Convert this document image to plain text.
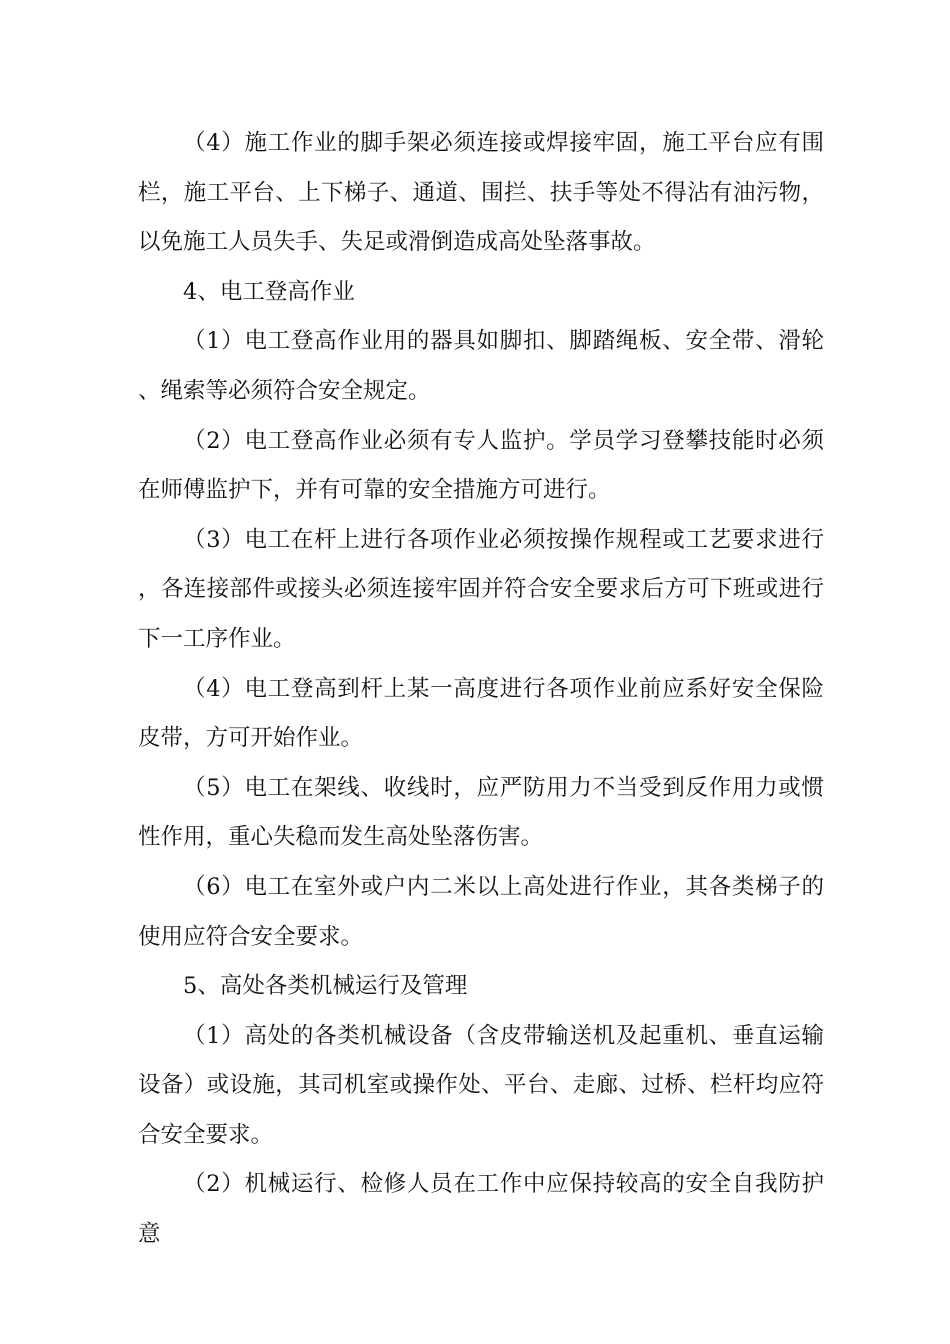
（4）施工作业的脚手架必须连接或焊接牢固，施工平台应有围栏，施工平台、上下梯子、通道、围拦、扶手等处不得沾有油污物，以免施工人员失手、失足或滑倒造成高处坠落事故。

4、电工登高作业

（1）电工登高作业用的器具如脚扣、脚踏绳板、安全带、滑轮、绳索等必须符合安全规定。

（2）电工登高作业必须有专人监护。学员学习登攀技能时必须在师傅监护下，并有可靠的安全措施方可进行。

（3）电工在杆上进行各项作业必须按操作规程或工艺要求进行，各连接部件或接头必须连接牢固并符合安全要求后方可下班或进行下一工序作业。

（4）电工登高到杆上某一高度进行各项作业前应系好安全保险皮带，方可开始作业。

（5）电工在架线、收线时，应严防用力不当受到反作用力或惯性作用，重心失稳而发生高处坠落伤害。

（6）电工在室外或户内二米以上高处进行作业，其各类梯子的使用应符合安全要求。

5、高处各类机械运行及管理

（1）高处的各类机械设备（含皮带输送机及起重机、垂直运输设备）或设施，其司机室或操作处、平台、走廊、过桥、栏杆均应符合安全要求。

（2）机械运行、检修人员在工作中应保持较高的安全自我防护意
